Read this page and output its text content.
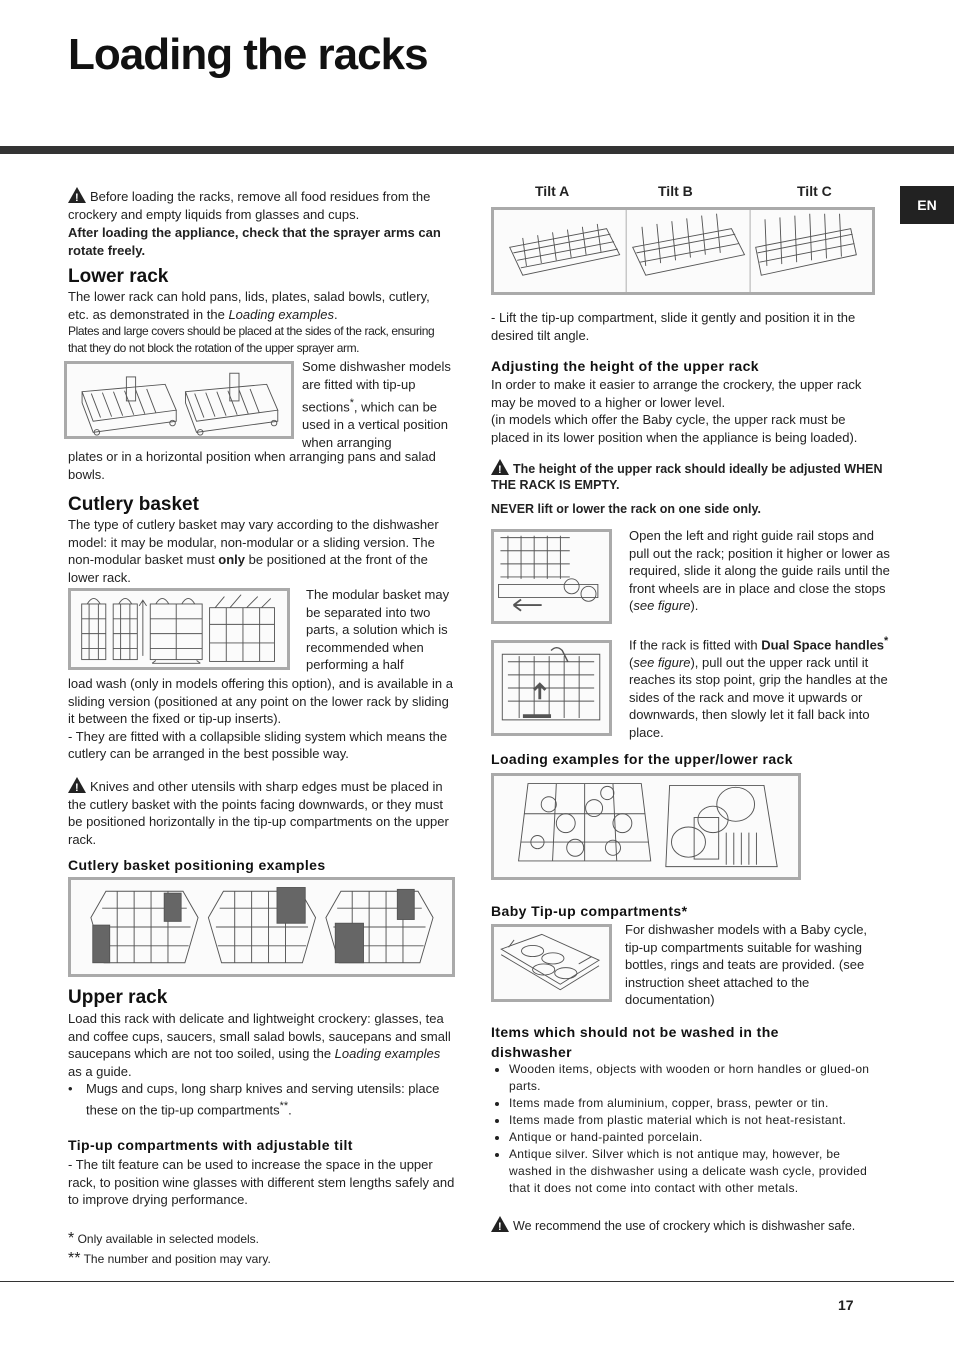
Loading the racks
EN

!Before loading the racks, remove all food residues from the crockery and empty liquids from glasses and cups.

After loading the appliance, check that the sprayer arms can rotate freely.

Lower rack

The lower rack can hold pans, lids, plates, salad bowls, cutlery, etc. as demonstrated in the Loading examples.

Plates and large covers should be placed at the sides of the rack, ensuring that they do not block the rotation of the upper sprayer arm.

Some dishwasher models are fitted with tip-up sections*, which can be used in a vertical position when arranging

plates or in a horizontal position when arranging pans and salad bowls.

Cutlery basket

The type of cutlery basket may vary according to the dishwasher model: it may be modular, non-modular or a sliding version. The non-modular basket must only be positioned at the front of the lower rack.

The modular basket may be separated into two parts, a solution which is recommended when performing a half

load wash (only in models offering this option), and is available in a sliding version (positioned at any point on the lower rack by sliding it between the fixed or tip-up inserts).

- They are fitted with a collapsible sliding system which means the cutlery can be arranged in the best possible way.

!Knives and other utensils with sharp edges must be placed in the cutlery basket with the points facing downwards, or they must be positioned horizontally in the tip-up compartments on the upper rack.

Cutlery basket positioning examples
Upper rack

Load this rack with delicate and lightweight crockery: glasses, tea and coffee cups, saucers, small salad bowls, saucepans and small saucepans which are not too soiled, using the Loading examples as a guide.

•	Mugs and cups, long sharp knives and serving utensils: place these on the tip-up compartments**.

Tip-up compartments with adjustable tilt

- The tilt feature can be used to increase the space in the upper rack, to position wine glasses with different stem lengths safely and to improve drying performance.

* Only available in selected models.

** The number and position may vary.

Tilt A	Tilt B	Tilt C

- Lift the tip-up compartment, slide it gently and position it in the desired tilt angle.

Adjusting the height of the upper rack

In order to make it easier to arrange the crockery, the upper rack may be moved to a higher or lower level.

(in models which offer the Baby cycle, the upper rack must be placed in its lower position when the appliance is being loaded).

!The height of the upper rack should ideally be adjusted WHEN THE RACK IS EMPTY.

NEVER lift or lower the rack on one side only.

Open the left and right guide rail stops and pull out the rack; position it higher or lower as required, slide it along the guide rails until the front wheels are in place and close the stops (see figure).

If the rack is fitted with Dual Space handles* (see figure), pull out the upper rack until it reaches its stop point, grip the handles at the sides of the rack and move it upwards or downwards, then slowly let it fall back into place.

Loading examples for the upper/lower rack
Baby Tip-up compartments*

For dishwasher models with a Baby cycle, tip-up compartments suitable for washing bottles, rings and teats are provided. (see instruction sheet attached to the documentation)

Items which should not be washed in the dishwasher
• Wooden items, objects with wooden or horn handles or glued-on parts.
• Items made from aluminium, copper, brass, pewter or tin.
• Items made from plastic material which is not heat-resistant.
• Antique or hand-painted porcelain.
• Antique silver. Silver which is not antique may, however, be washed in the dishwasher using a delicate wash cycle, provided that it does not come into contact with other metals.

!We recommend the use of crockery which is dishwasher safe.

17
